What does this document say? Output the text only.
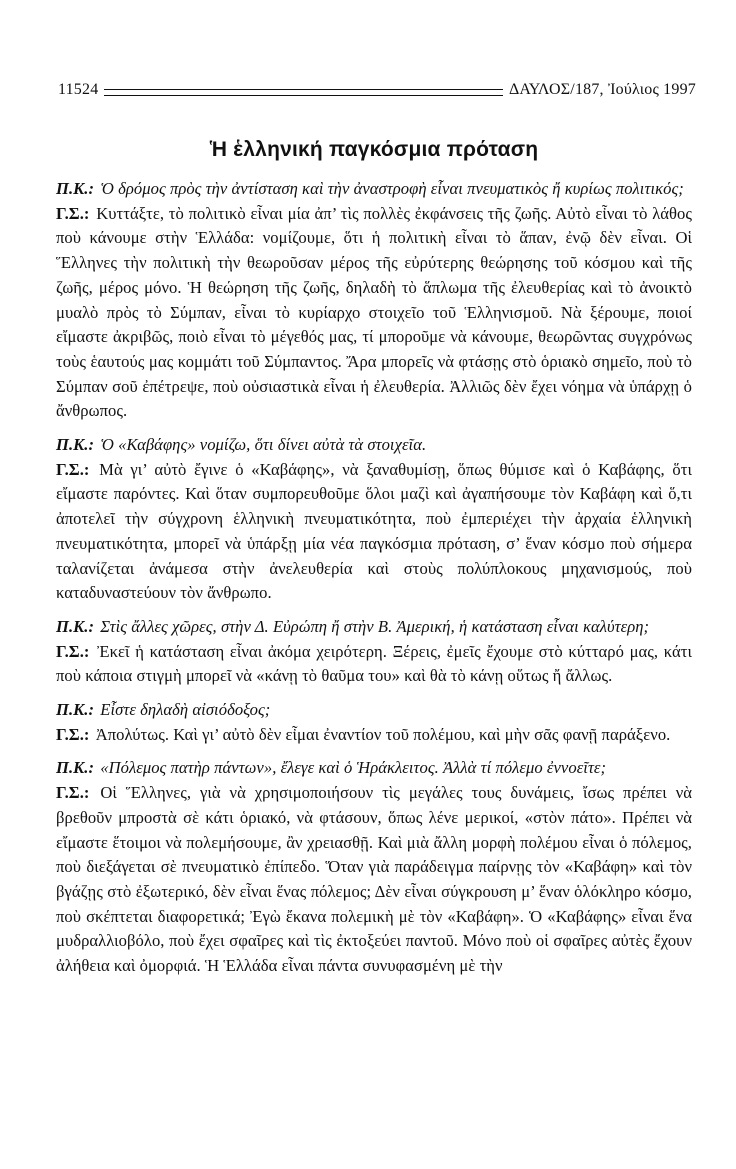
11524	ΔΑΥΛΟΣ/187, Ἰούλιος 1997
Ἡ ἑλληνική παγκόσμια πρόταση

Π.Κ.: Ὁ δρόμος πρὸς τὴν ἀντίσταση καὶ τὴν ἀναστροφὴ εἶναι πνευματικὸς ἤ κυρίως πολιτικός;

Γ.Σ.: Κυττάξτε, τὸ πολιτικὸ εἶναι μία ἀπ’ τὶς πολλὲς ἐκφάνσεις τῆς ζωῆς. Αὐτὸ εἶναι τὸ λάθος ποὺ κάνουμε στὴν Ἑλλάδα: νομίζουμε, ὅτι ἡ πολιτικὴ εἶναι τὸ ἅπαν, ἐνῷ δὲν εἶναι. Οἱ Ἕλληνες τὴν πολιτικὴ τὴν θεωροῦσαν μέρος τῆς εὐρύτερης θεώρησης τοῦ κόσμου καὶ τῆς ζωῆς, μέρος μόνο. Ἡ θεώρηση τῆς ζωῆς, δηλαδὴ τὸ ἅπλωμα τῆς ἐλευθερίας καὶ τὸ ἀνοικτὸ μυαλὸ πρὸς τὸ Σύμπαν, εἶναι τὸ κυρίαρχο στοιχεῖο τοῦ Ἑλληνισμοῦ. Νὰ ξέρουμε, ποιοί εἴμαστε ἀκριβῶς, ποιὸ εἶναι τὸ μέγεθός μας, τί μποροῦμε νὰ κάνουμε, θεωρῶντας συγχρόνως τοὺς ἑαυτούς μας κομμάτι τοῦ Σύμπαντος. Ἄρα μπορεῖς νὰ φτάσῃς στὸ ὁριακὸ σημεῖο, ποὺ τὸ Σύμπαν σοῦ ἐπέτρεψε, ποὺ οὐσιαστικὰ εἶναι ἡ ἐλευθερία. Ἀλλιῶς δὲν ἔχει νόημα νὰ ὑπάρχῃ ὁ ἄνθρωπος.

Π.Κ.: Ὁ «Καβάφης» νομίζω, ὅτι δίνει αὐτὰ τὰ στοιχεῖα.

Γ.Σ.: Μὰ γι’ αὐτὸ ἔγινε ὁ «Καβάφης», νὰ ξαναθυμίσῃ, ὅπως θύμισε καὶ ὁ Καβάφης, ὅτι εἴμαστε παρόντες. Καὶ ὅταν συμπορευθοῦμε ὅλοι μαζὶ καὶ ἀγαπήσουμε τὸν Καβάφη καὶ ὅ,τι ἀποτελεῖ τὴν σύγχρονη ἑλληνικὴ πνευματικότητα, ποὺ ἐμπεριέχει τὴν ἀρχαία ἑλληνικὴ πνευματικότητα, μπορεῖ νὰ ὑπάρξῃ μία νέα παγκόσμια πρόταση, σ’ ἕναν κόσμο ποὺ σήμερα ταλανίζεται ἀνάμεσα στὴν ἀνελευθερία καὶ στοὺς πολύπλοκους μηχανισμούς, ποὺ καταδυναστεύουν τὸν ἄνθρωπο.

Π.Κ.: Στὶς ἄλλες χῶρες, στὴν Δ. Εὐρώπη ἤ στὴν Β. Ἀμερική, ἡ κατάσταση εἶναι καλύτερη;

Γ.Σ.: Ἐκεῖ ἡ κατάσταση εἶναι ἀκόμα χειρότερη. Ξέρεις, ἐμεῖς ἔχουμε στὸ κύτταρό μας, κάτι ποὺ κάποια στιγμὴ μπορεῖ νὰ «κάνῃ τὸ θαῦμα του» καὶ θὰ τὸ κάνῃ οὕτως ἤ ἄλλως.

Π.Κ.: Εἶστε δηλαδὴ αἰσιόδοξος;

Γ.Σ.: Ἀπολύτως. Καὶ γι’ αὐτὸ δὲν εἶμαι ἐναντίον τοῦ πολέμου, καὶ μὴν σᾶς φανῇ παράξενο.

Π.Κ.: «Πόλεμος πατὴρ πάντων», ἔλεγε καὶ ὁ Ἡράκλειτος. Ἀλλὰ τί πόλεμο ἐννοεῖτε;

Γ.Σ.: Οἱ Ἕλληνες, γιὰ νὰ χρησιμοποιήσουν τὶς μεγάλες τους δυνάμεις, ἴσως πρέπει νὰ βρεθοῦν μπροστὰ σὲ κάτι ὁριακό, νὰ φτάσουν, ὅπως λένε μερικοί, «στὸν πάτο». Πρέπει νὰ εἴμαστε ἕτοιμοι νὰ πολεμήσουμε, ἂν χρειασθῇ. Καὶ μιὰ ἄλλη μορφὴ πολέμου εἶναι ὁ πόλεμος, ποὺ διεξάγεται σὲ πνευματικὸ ἐπίπεδο. Ὅταν γιὰ παράδειγμα παίρνῃς τὸν «Καβάφη» καὶ τὸν βγάζῃς στὸ ἐξωτερικό, δὲν εἶναι ἕνας πόλεμος; Δὲν εἶναι σύγκρουση μ’ ἕναν ὁλόκληρο κόσμο, ποὺ σκέπτεται διαφορετικά; Ἐγὼ ἔκανα πολεμικὴ μὲ τὸν «Καβάφη». Ὁ «Καβάφης» εἶναι ἕνα μυδραλλιοβόλο, ποὺ ἔχει σφαῖρες καὶ τὶς ἐκτοξεύει παντοῦ. Μόνο ποὺ οἱ σφαῖρες αὐτὲς ἔχουν ἀλήθεια καὶ ὀμορφιά. Ἡ Ἑλλάδα εἶναι πάντα συνυφασμένη μὲ τὴν
